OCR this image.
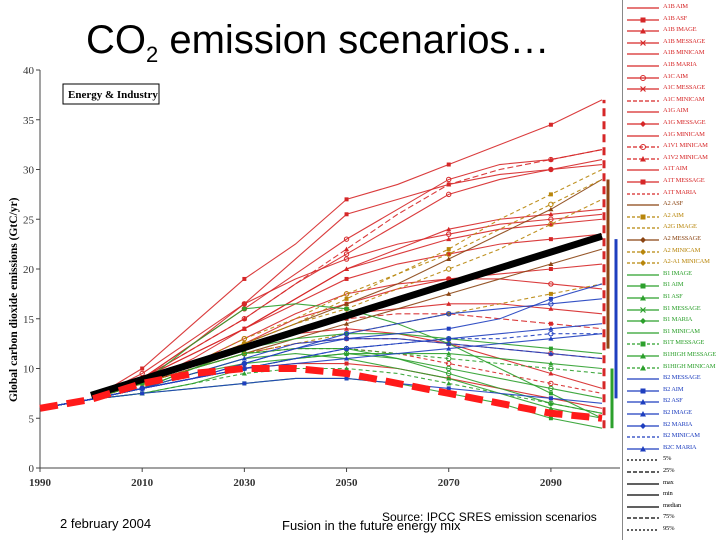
$CO_2$ emission scenarios…
0
5
10
15
20
25
30
35
40
1990	2010	2030	2050	2070	2090
Energy & Industry
Global carbon dioxide emissions (GtC/yr)
A1B AIM
A1B ASF
A1B IMAGE
A1B MESSAGE
A1B MINICAM
A1B MARIA
A1C AIM
A1C MESSAGE
A1C MINICAM
A1G AIM
A1G MESSAGE
A1G MINICAM
A1V1 MINICAM
A1V2 MINICAM
A1T AIM
A1T MESSAGE
A1T MARIA
A2 ASF
A2 AIM
A2G IMAGE
A2 MESSAGE
A2 MINICAM
A2-A1 MINICAM
B1 IMAGE
B1 AIM
B1 ASF
B1 MESSAGE
B1 MARIA
B1 MINICAM
B1T MESSAGE
B1HIGH MESSAGE
B1HIGH MINICAM
B2 MESSAGE
B2 AIM
B2 ASF
B2 IMAGE
B2 MARIA
B2 MINICAM
B2C MARIA
5%
25%
max
min
median
75%
95%
2 february 2004	Fusion in the future energy mix
Source: IPCC SRES emission scenarios
